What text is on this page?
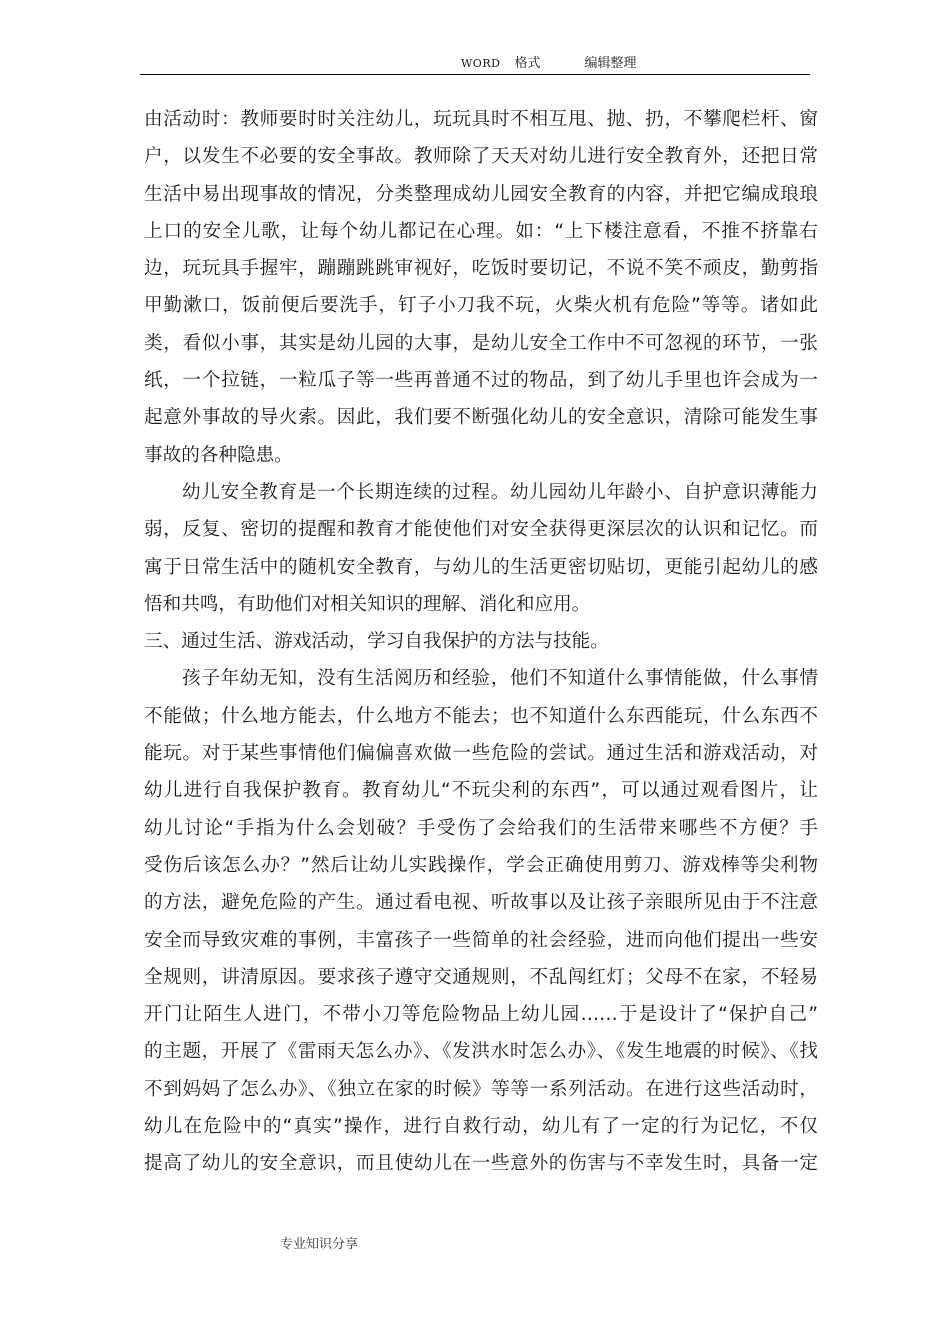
WORD 格式	编辑整理
由活动时：教师要时时关注幼儿，玩玩具时不相互甩、抛、扔，不攀爬栏杆、窗
户，以发生不必要的安全事故。教师除了天天对幼儿进行安全教育外，还把日常
生活中易出现事故的情况，分类整理成幼儿园安全教育的内容，并把它编成琅琅
上口的安全儿歌，让每个幼儿都记在心理。如：“上下楼注意看，不推不挤靠右
边，玩玩具手握牢，蹦蹦跳跳审视好，吃饭时要切记，不说不笑不顽皮，勤剪指
甲勤漱口，饭前便后要洗手，钉子小刀我不玩，火柴火机有危险”等等。诸如此
类，看似小事，其实是幼儿园的大事，是幼儿安全工作中不可忽视的环节，一张
纸，一个拉链，一粒瓜子等一些再普通不过的物品，到了幼儿手里也许会成为一
起意外事故的导火索。因此，我们要不断强化幼儿的安全意识，清除可能发生事
事故的各种隐患。
幼儿安全教育是一个长期连续的过程。幼儿园幼儿年龄小、自护意识薄能力
弱，反复、密切的提醒和教育才能使他们对安全获得更深层次的认识和记忆。而
寓于日常生活中的随机安全教育，与幼儿的生活更密切贴切，更能引起幼儿的感
悟和共鸣，有助他们对相关知识的理解、消化和应用。
三、通过生活、游戏活动，学习自我保护的方法与技能。
孩子年幼无知，没有生活阅历和经验，他们不知道什么事情能做，什么事情
不能做；什么地方能去，什么地方不能去；也不知道什么东西能玩，什么东西不
能玩。对于某些事情他们偏偏喜欢做一些危险的尝试。通过生活和游戏活动，对
幼儿进行自我保护教育。教育幼儿“不玩尖利的东西”，可以通过观看图片，让
幼儿讨论“手指为什么会划破？手受伤了会给我们的生活带来哪些不方便？手
受伤后该怎么办？”然后让幼儿实践操作，学会正确使用剪刀、游戏棒等尖利物
的方法，避免危险的产生。通过看电视、听故事以及让孩子亲眼所见由于不注意
安全而导致灾难的事例，丰富孩子一些简单的社会经验，进而向他们提出一些安
全规则，讲清原因。要求孩子遵守交通规则，不乱闯红灯；父母不在家，不轻易
开门让陌生人进门，不带小刀等危险物品上幼儿园……于是设计了“保护自己”
的主题，开展了《雷雨天怎么办》、《发洪水时怎么办》、《发生地震的时候》、《找
不到妈妈了怎么办》、《独立在家的时候》等等一系列活动。在进行这些活动时，
幼儿在危险中的“真实”操作，进行自救行动，幼儿有了一定的行为记忆，不仅
提高了幼儿的安全意识，而且使幼儿在一些意外的伤害与不幸发生时，具备一定
专业知识分享
